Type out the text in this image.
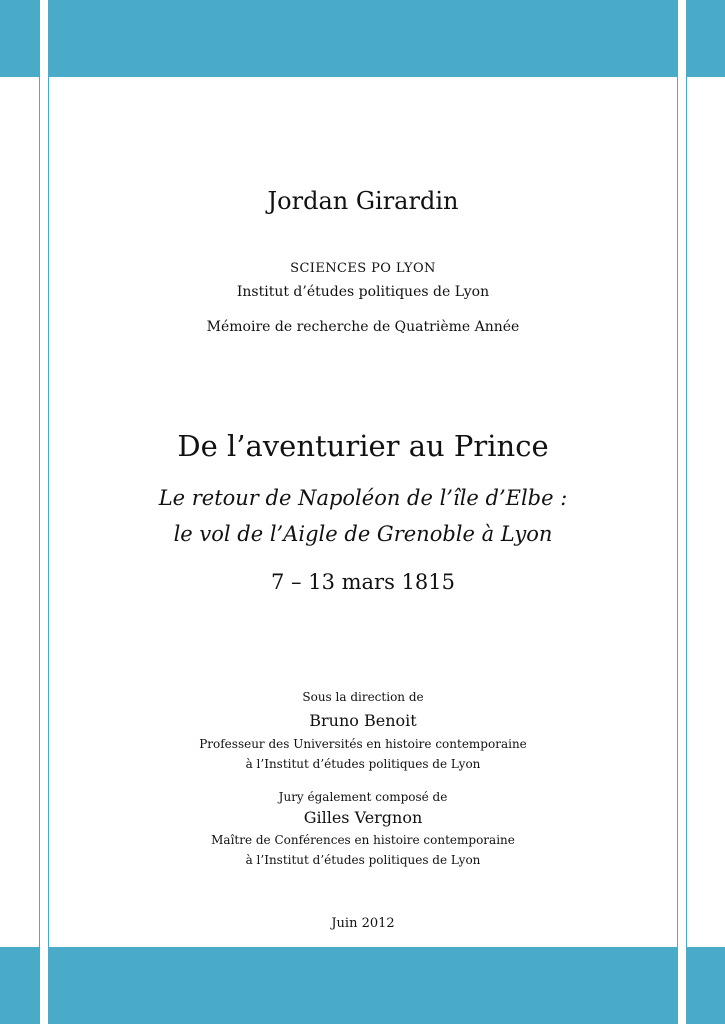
Jordan Girardin
SCIENCES PO LYON
Institut d’études politiques de Lyon
Mémoire de recherche de Quatrième Année
De l’aventurier au Prince
Le retour de Napoléon de l’île d’Elbe :
le vol de l’Aigle de Grenoble à Lyon
7 – 13 mars 1815
Sous la direction de
Bruno Benoit
Professeur des Universités en histoire contemporaine
à l’Institut d’études politiques de Lyon
Jury également composé de
Gilles Vergnon
Maître de Conférences en histoire contemporaine
à l’Institut d’études politiques de Lyon
Juin 2012
